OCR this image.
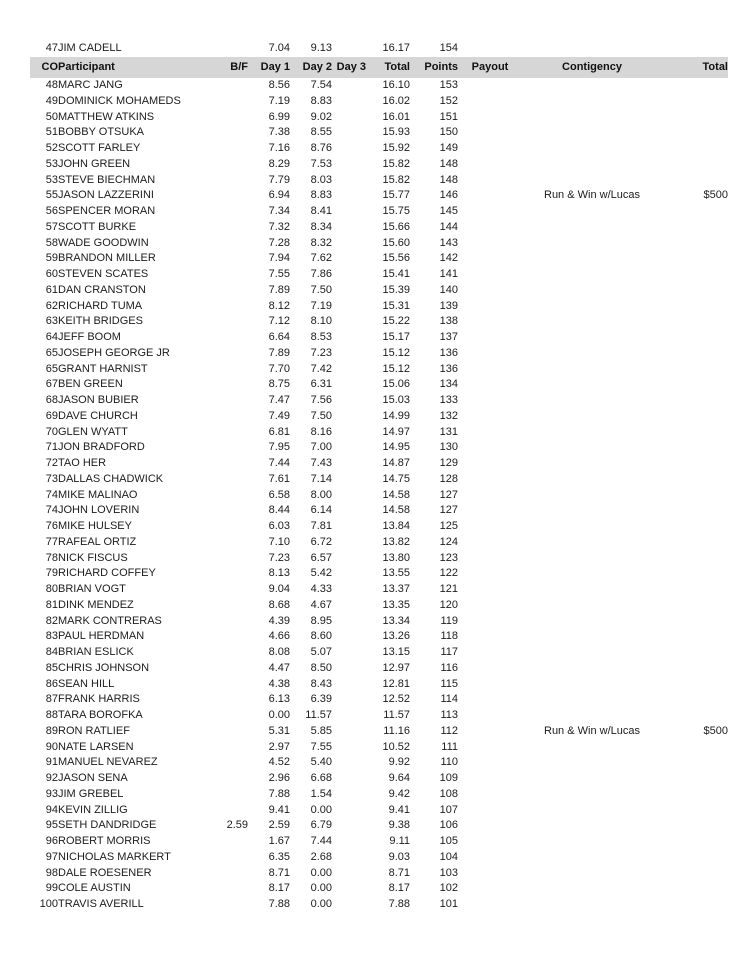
47	JIM CADELL		7.04	9.13		16.17	154			
CO	Participant	B/F	Day 1	Day 2	Day 3	Total	Points	Payout	Contigency	Total
48	MARC JANG		8.56	7.54		16.10	153			
49	DOMINICK MOHAMEDS		7.19	8.83		16.02	152			
50	MATTHEW ATKINS		6.99	9.02		16.01	151			
51	BOBBY OTSUKA		7.38	8.55		15.93	150			
52	SCOTT FARLEY		7.16	8.76		15.92	149			
53	JOHN GREEN		8.29	7.53		15.82	148			
53	STEVE BIECHMAN		7.79	8.03		15.82	148			
55	JASON LAZZERINI		6.94	8.83		15.77	146		Run & Win w/Lucas	$500
56	SPENCER MORAN		7.34	8.41		15.75	145			
57	SCOTT BURKE		7.32	8.34		15.66	144			
58	WADE GOODWIN		7.28	8.32		15.60	143			
59	BRANDON MILLER		7.94	7.62		15.56	142			
60	STEVEN SCATES		7.55	7.86		15.41	141			
61	DAN CRANSTON		7.89	7.50		15.39	140			
62	RICHARD TUMA		8.12	7.19		15.31	139			
63	KEITH BRIDGES		7.12	8.10		15.22	138			
64	JEFF BOOM		6.64	8.53		15.17	137			
65	JOSEPH GEORGE JR		7.89	7.23		15.12	136			
65	GRANT HARNIST		7.70	7.42		15.12	136			
67	BEN GREEN		8.75	6.31		15.06	134			
68	JASON BUBIER		7.47	7.56		15.03	133			
69	DAVE CHURCH		7.49	7.50		14.99	132			
70	GLEN WYATT		6.81	8.16		14.97	131			
71	JON BRADFORD		7.95	7.00		14.95	130			
72	TAO HER		7.44	7.43		14.87	129			
73	DALLAS CHADWICK		7.61	7.14		14.75	128			
74	MIKE MALINAO		6.58	8.00		14.58	127			
74	JOHN LOVERIN		8.44	6.14		14.58	127			
76	MIKE HULSEY		6.03	7.81		13.84	125			
77	RAFEAL ORTIZ		7.10	6.72		13.82	124			
78	NICK FISCUS		7.23	6.57		13.80	123			
79	RICHARD COFFEY		8.13	5.42		13.55	122			
80	BRIAN VOGT		9.04	4.33		13.37	121			
81	DINK MENDEZ		8.68	4.67		13.35	120			
82	MARK CONTRERAS		4.39	8.95		13.34	119			
83	PAUL HERDMAN		4.66	8.60		13.26	118			
84	BRIAN ESLICK		8.08	5.07		13.15	117			
85	CHRIS JOHNSON		4.47	8.50		12.97	116			
86	SEAN HILL		4.38	8.43		12.81	115			
87	FRANK HARRIS		6.13	6.39		12.52	114			
88	TARA BOROFKA		0.00	11.57		11.57	113			
89	RON RATLIEF		5.31	5.85		11.16	112		Run & Win w/Lucas	$500
90	NATE LARSEN		2.97	7.55		10.52	111			
91	MANUEL NEVAREZ		4.52	5.40		9.92	110			
92	JASON SENA		2.96	6.68		9.64	109			
93	JIM GREBEL		7.88	1.54		9.42	108			
94	KEVIN ZILLIG		9.41	0.00		9.41	107			
95	SETH DANDRIDGE	2.59	2.59	6.79		9.38	106			
96	ROBERT MORRIS		1.67	7.44		9.11	105			
97	NICHOLAS MARKERT		6.35	2.68		9.03	104			
98	DALE ROESENER		8.71	0.00		8.71	103			
99	COLE AUSTIN		8.17	0.00		8.17	102			
100	TRAVIS AVERILL		7.88	0.00		7.88	101			
